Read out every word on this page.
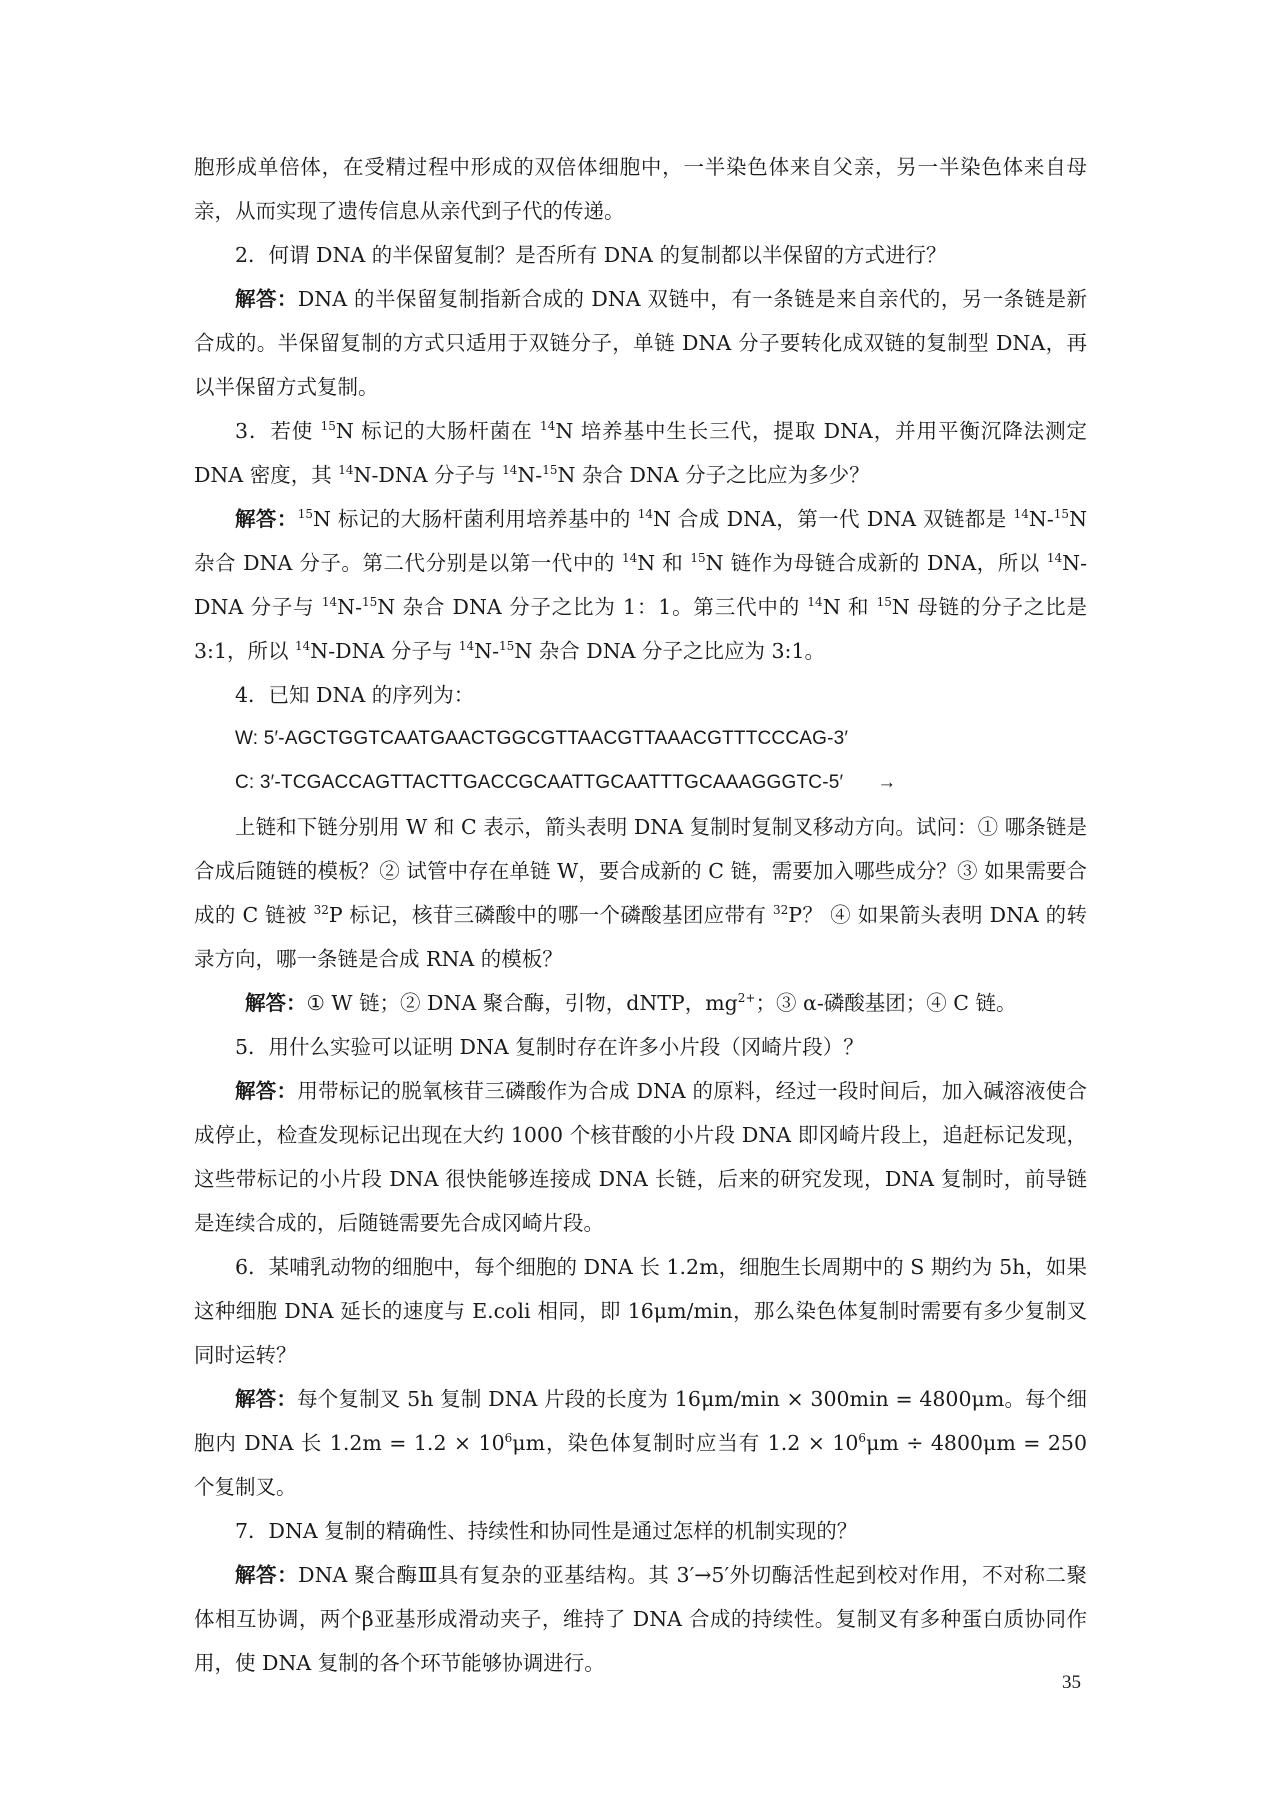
胞形成单倍体，在受精过程中形成的双倍体细胞中，一半染色体来自父亲，另一半染色体来自母亲，从而实现了遗传信息从亲代到子代的传递。

2．何谓 DNA 的半保留复制？是否所有 DNA 的复制都以半保留的方式进行？

解答：DNA 的半保留复制指新合成的 DNA 双链中，有一条链是来自亲代的，另一条链是新合成的。半保留复制的方式只适用于双链分子，单链 DNA 分子要转化成双链的复制型 DNA，再以半保留方式复制。

3．若使 $^{15}$N 标记的大肠杆菌在 $^{14}$N 培养基中生长三代，提取 DNA，并用平衡沉降法测定 DNA 密度，其 $^{14}$N-DNA 分子与 $^{14}$N-$^{15}$N 杂合 DNA 分子之比应为多少？

解答：$^{15}$N 标记的大肠杆菌利用培养基中的 $^{14}$N 合成 DNA，第一代 DNA 双链都是 $^{14}$N-$^{15}$N 杂合 DNA 分子。第二代分别是以第一代中的 $^{14}$N 和 $^{15}$N 链作为母链合成新的 DNA，所以 $^{14}$N-DNA 分子与 $^{14}$N-$^{15}$N 杂合 DNA 分子之比为 1：1。第三代中的 $^{14}$N 和 $^{15}$N 母链的分子之比是 3:1，所以 $^{14}$N-DNA 分子与 $^{14}$N-$^{15}$N 杂合 DNA 分子之比应为 3:1。

4．已知 DNA 的序列为：

W: 5′-AGCTGGTCAATGAACTGGCGTTAACGTTAAACGTTTCCCAG-3′

C: 3′-TCGACCAGTTACTTGACCGCAATTGCAATTTGCAAAGGGTC-5′ →

上链和下链分别用 W 和 C 表示，箭头表明 DNA 复制时复制叉移动方向。试问：① 哪条链是合成后随链的模板？② 试管中存在单链 W，要合成新的 C 链，需要加入哪些成分？③ 如果需要合成的 C 链被 $^{32}$P 标记，核苷三磷酸中的哪一个磷酸基团应带有 $^{32}$P？ ④ 如果箭头表明 DNA 的转录方向，哪一条链是合成 RNA 的模板？

解答：① W 链；② DNA 聚合酶，引物，dNTP，$mg^{2+}$；③ α-磷酸基团；④ C 链。

5．用什么实验可以证明 DNA 复制时存在许多小片段（冈崎片段）？

解答：用带标记的脱氧核苷三磷酸作为合成 DNA 的原料，经过一段时间后，加入碱溶液使合成停止，检查发现标记出现在大约 1000 个核苷酸的小片段 DNA 即冈崎片段上，追赶标记发现，这些带标记的小片段 DNA 很快能够连接成 DNA 长链，后来的研究发现，DNA 复制时，前导链是连续合成的，后随链需要先合成冈崎片段。

6．某哺乳动物的细胞中，每个细胞的 DNA 长 1.2m，细胞生长周期中的 S 期约为 5h，如果这种细胞 DNA 延长的速度与 E.coli 相同，即 16μm/min，那么染色体复制时需要有多少复制叉同时运转？

解答：每个复制叉 5h 复制 DNA 片段的长度为 16μm/min × 300min = 4800μm。每个细胞内 DNA 长 $1.2m = 1.2 \times 10^6\mu m$，染色体复制时应当有 $1.2 \times 10^6\mu m \div 4800\mu m = 250$ 个复制叉。

7．DNA 复制的精确性、持续性和协同性是通过怎样的机制实现的？

解答：DNA 聚合酶Ⅲ具有复杂的亚基结构。其 3′→5′外切酶活性起到校对作用，不对称二聚体相互协调，两个β亚基形成滑动夹子，维持了 DNA 合成的持续性。复制叉有多种蛋白质协同作用，使 DNA 复制的各个环节能够协调进行。

35
